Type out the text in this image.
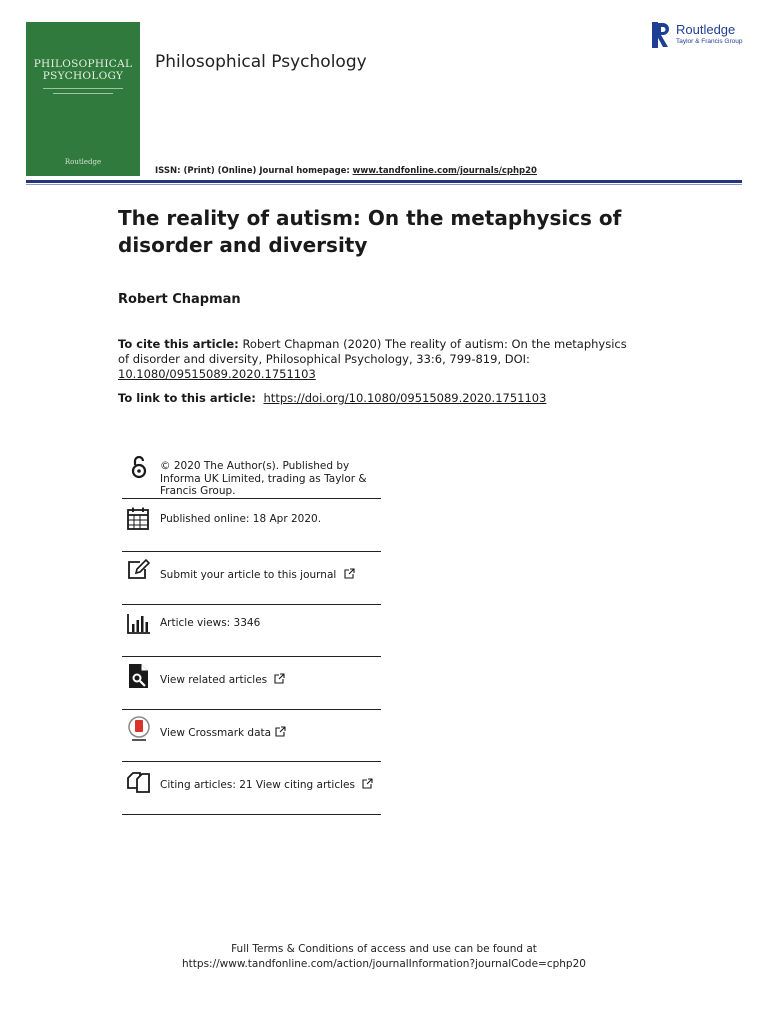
PHILOSOPHICAL
PSYCHOLOGY
Routledge
Philosophical Psychology
Routledge
Taylor & Francis Group
ISSN: (Print) (Online) Journal homepage: www.tandfonline.com/journals/cphp20
The reality of autism: On the metaphysics of disorder and diversity
Robert Chapman
To cite this article: Robert Chapman (2020) The reality of autism: On the metaphysics of disorder and diversity, Philosophical Psychology, 33:6, 799-819, DOI: 10.1080/09515089.2020.1751103
To link to this article: https://doi.org/10.1080/09515089.2020.1751103
© 2020 The Author(s). Published by Informa UK Limited, trading as Taylor & Francis Group.
Published online: 18 Apr 2020.
Submit your article to this journal
Article views: 3346
View related articles
View Crossmark data
Citing articles: 21 View citing articles
Full Terms & Conditions of access and use can be found at
https://www.tandfonline.com/action/journalInformation?journalCode=cphp20
